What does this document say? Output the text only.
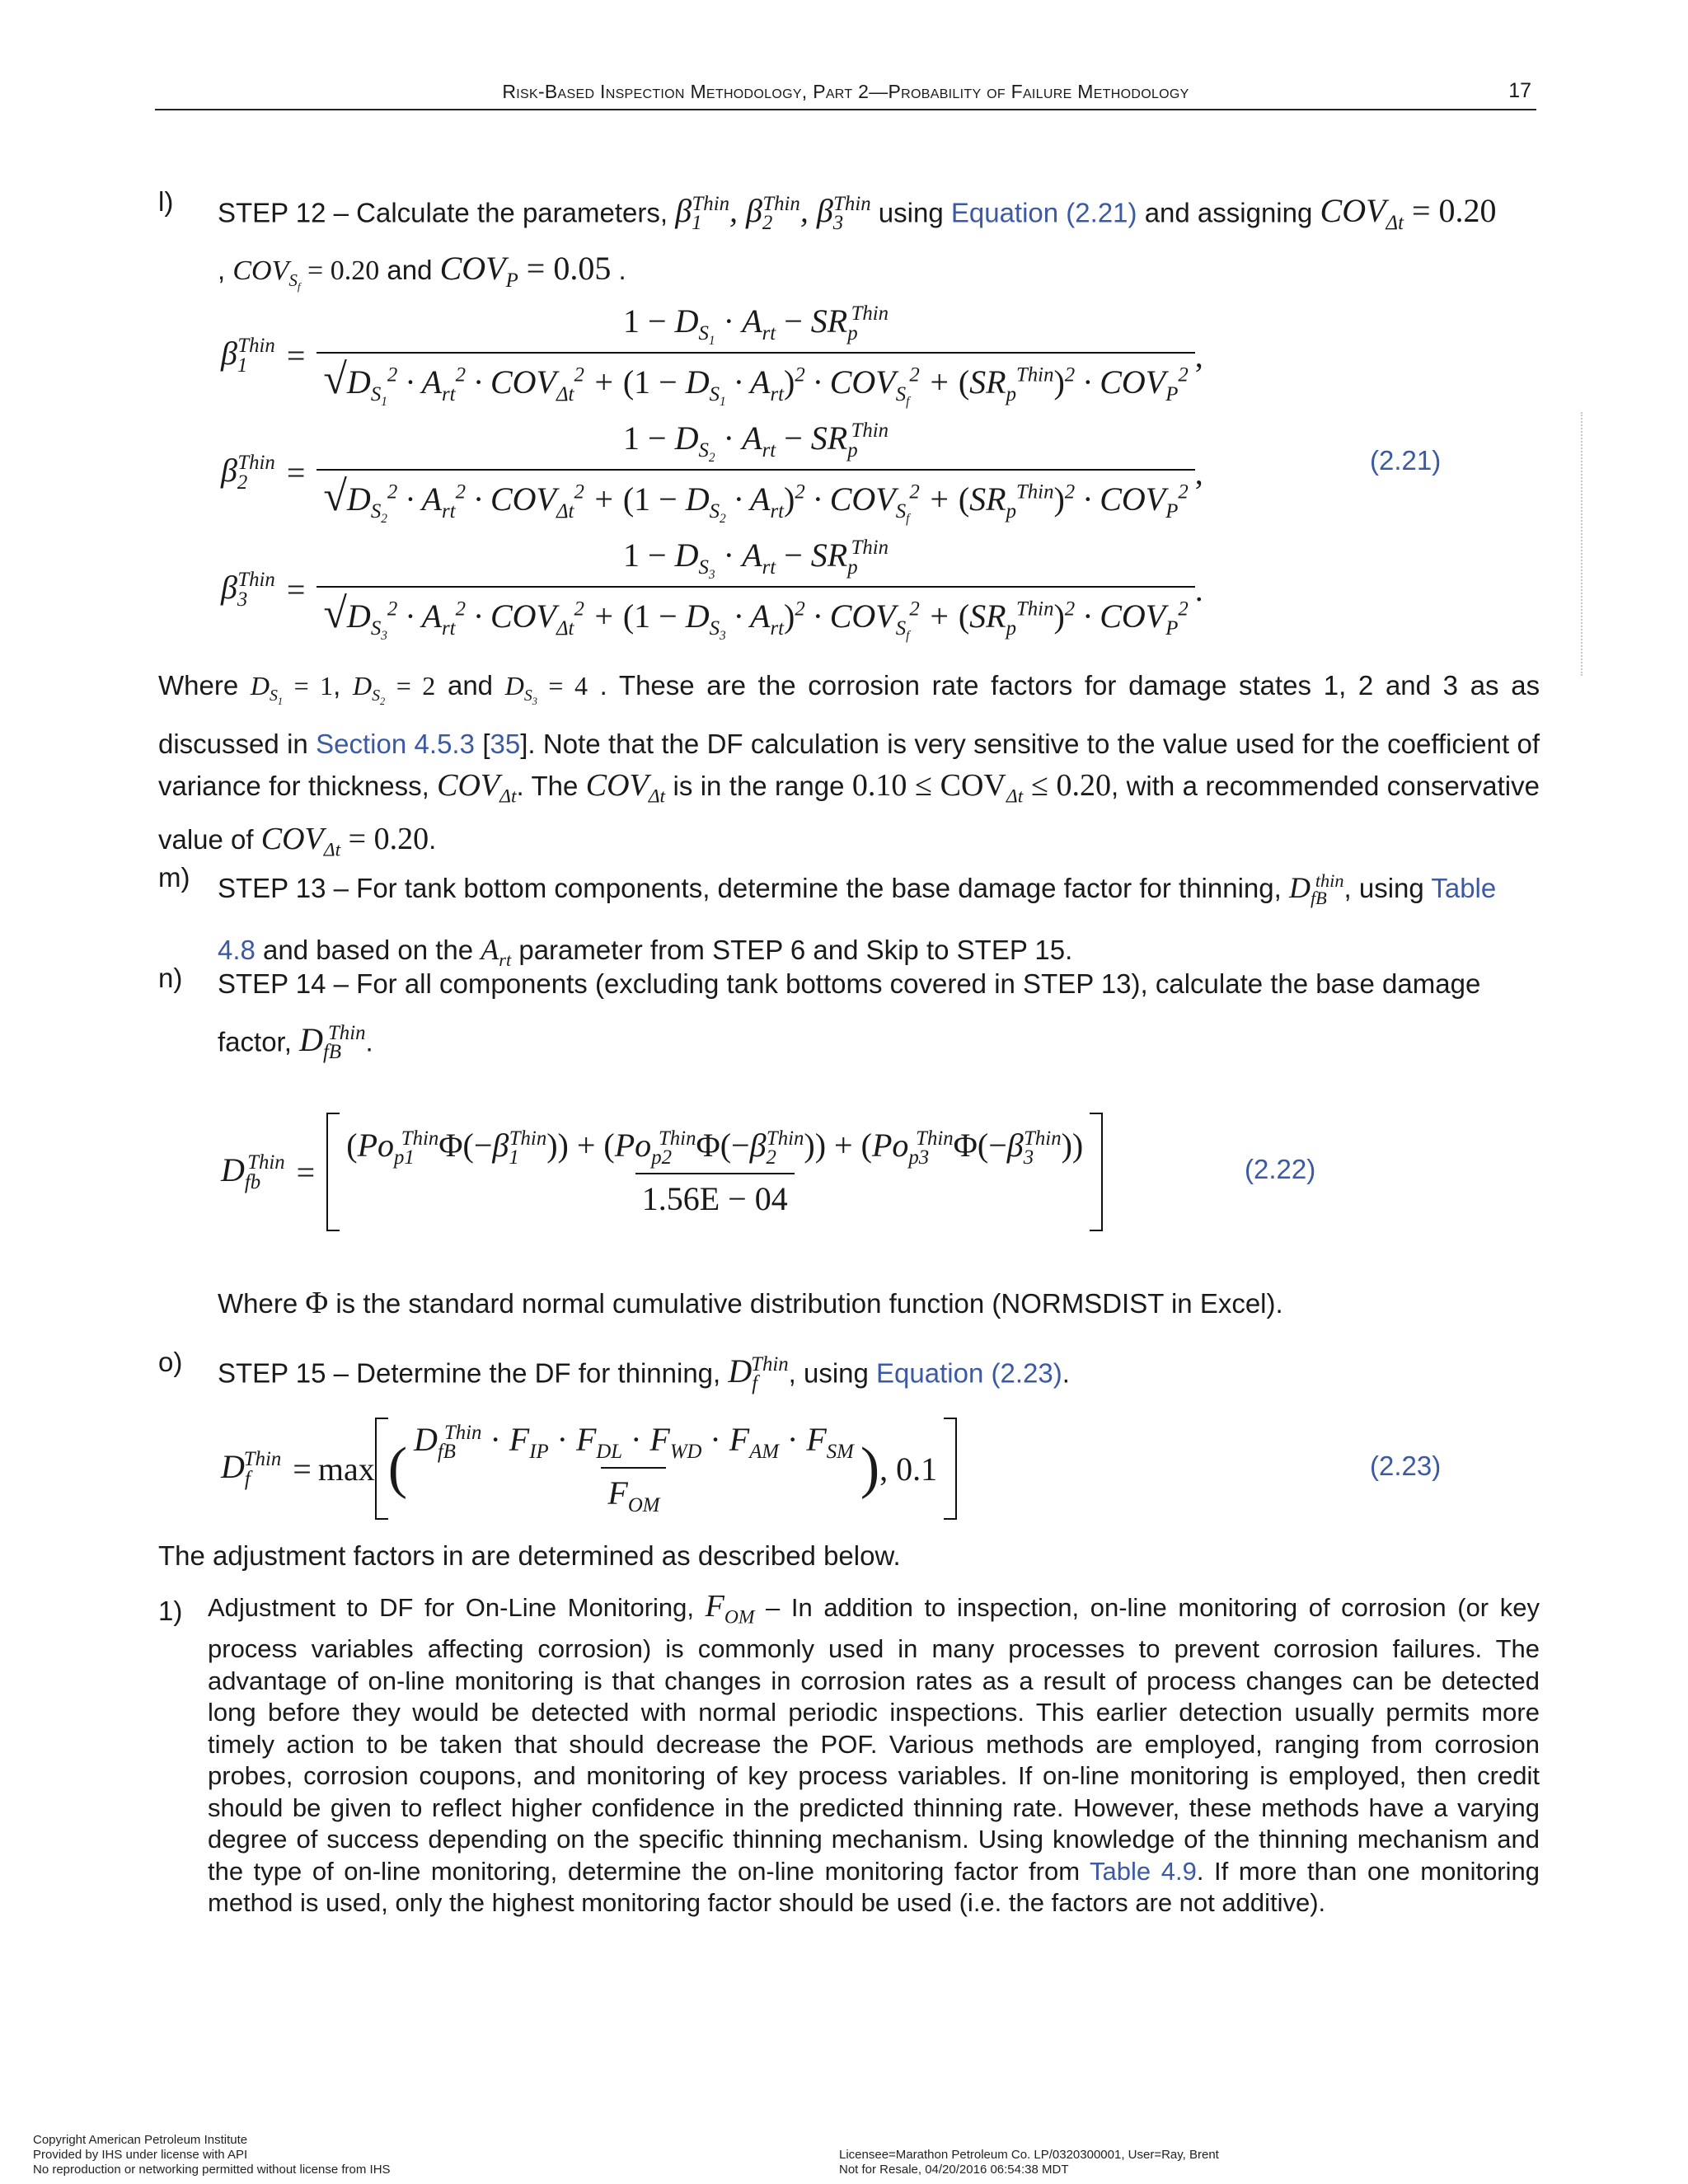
Risk-Based Inspection Methodology, Part 2—Probability of Failure Methodology	17
l) STEP 12 – Calculate the parameters, $\beta_1^{Thin}$, $\beta_2^{Thin}$, $\beta_3^{Thin}$ using Equation (2.21) and assigning $COV_{\Delta t} = 0.20$
, $COV_{S_f} = 0.20$ and $COV_P = 0.05$ .
$\beta_1^{Thin}$ =
$1 - D_{S_1} \cdot A_{rt} - SR_p^{Thin}$
$√D_{S_1}^2 \cdot A_{rt}^2 \cdot COV_{\Delta t}^2 + (1 - D_{S_1} \cdot A_{rt})^2 \cdot COV_{S_f}^2 + (SR_p^{Thin})^2 \cdot COV_P^2$
,
$\beta_2^{Thin}$ =
$1 - D_{S_2} \cdot A_{rt} - SR_p^{Thin}$
$√D_{S_2}^2 \cdot A_{rt}^2 \cdot COV_{\Delta t}^2 + (1 - D_{S_2} \cdot A_{rt})^2 \cdot COV_{S_f}^2 + (SR_p^{Thin})^2 \cdot COV_P^2$
,
$\beta_3^{Thin}$ =
$1 - D_{S_3} \cdot A_{rt} - SR_p^{Thin}$
$√D_{S_3}^2 \cdot A_{rt}^2 \cdot COV_{\Delta t}^2 + (1 - D_{S_3} \cdot A_{rt})^2 \cdot COV_{S_f}^2 + (SR_p^{Thin})^2 \cdot COV_P^2$
.
(2.21)
Where $D_{S_1} = 1$, $D_{S_2} = 2$ and $D_{S_3} = 4$ . These are the corrosion rate factors for damage states 1, 2 and 3 as as discussed in Section 4.5.3 [35]. Note that the DF calculation is very sensitive to the value used for the coefficient of variance for thickness, $COV_{\Delta t}$. The $COV_{\Delta t}$ is in the range $0.10 \le COV_{\Delta t} \le 0.20$, with a recommended conservative value of $COV_{\Delta t} = 0.20$.
m) STEP 13 – For tank bottom components, determine the base damage factor for thinning, $D_{fB}^{thin}$, using Table 4.8 and based on the $A_{rt}$ parameter from STEP 6 and Skip to STEP 15.
n) STEP 14 – For all components (excluding tank bottoms covered in STEP 13), calculate the base damage factor, $D_{fB}^{Thin}$.
$D_{fb}^{Thin}$ =
$(Po_{p1}^{Thin}\Phi(-\beta_1^{Thin})) + (Po_{p2}^{Thin}\Phi(-\beta_2^{Thin})) + (Po_{p3}^{Thin}\Phi(-\beta_3^{Thin}))$
1.56E − 04
(2.22)
Where Φ is the standard normal cumulative distribution function (NORMSDIST in Excel).
o) STEP 15 – Determine the DF for thinning, $D_f^{Thin}$, using Equation (2.23).
$D_f^{Thin} = \max$ ( $\frac{D_{fB}^{Thin} \cdot F_{IP} \cdot F_{DL} \cdot F_{WD} \cdot F_{AM} \cdot F_{SM}}{F_{OM}}$ ) , 0.1	(2.23)
The adjustment factors in are determined as described below.
1) Adjustment to DF for On-Line Monitoring, $F_{OM}$ – In addition to inspection, on-line monitoring of corrosion (or key process variables affecting corrosion) is commonly used in many processes to prevent corrosion failures. The advantage of on-line monitoring is that changes in corrosion rates as a result of process changes can be detected long before they would be detected with normal periodic inspections. This earlier detection usually permits more timely action to be taken that should decrease the POF. Various methods are employed, ranging from corrosion probes, corrosion coupons, and monitoring of key process variables. If on-line monitoring is employed, then credit should be given to reflect higher confidence in the predicted thinning rate. However, these methods have a varying degree of success depending on the specific thinning mechanism. Using knowledge of the thinning mechanism and the type of on-line monitoring, determine the on-line monitoring factor from Table 4.9. If more than one monitoring method is used, only the highest monitoring factor should be used (i.e. the factors are not additive).
Copyright American Petroleum Institute
Provided by IHS under license with API
No reproduction or networking permitted without license from IHS
Licensee=Marathon Petroleum Co. LP/0320300001, User=Ray, Brent
Not for Resale, 04/20/2016 06:54:38 MDT
